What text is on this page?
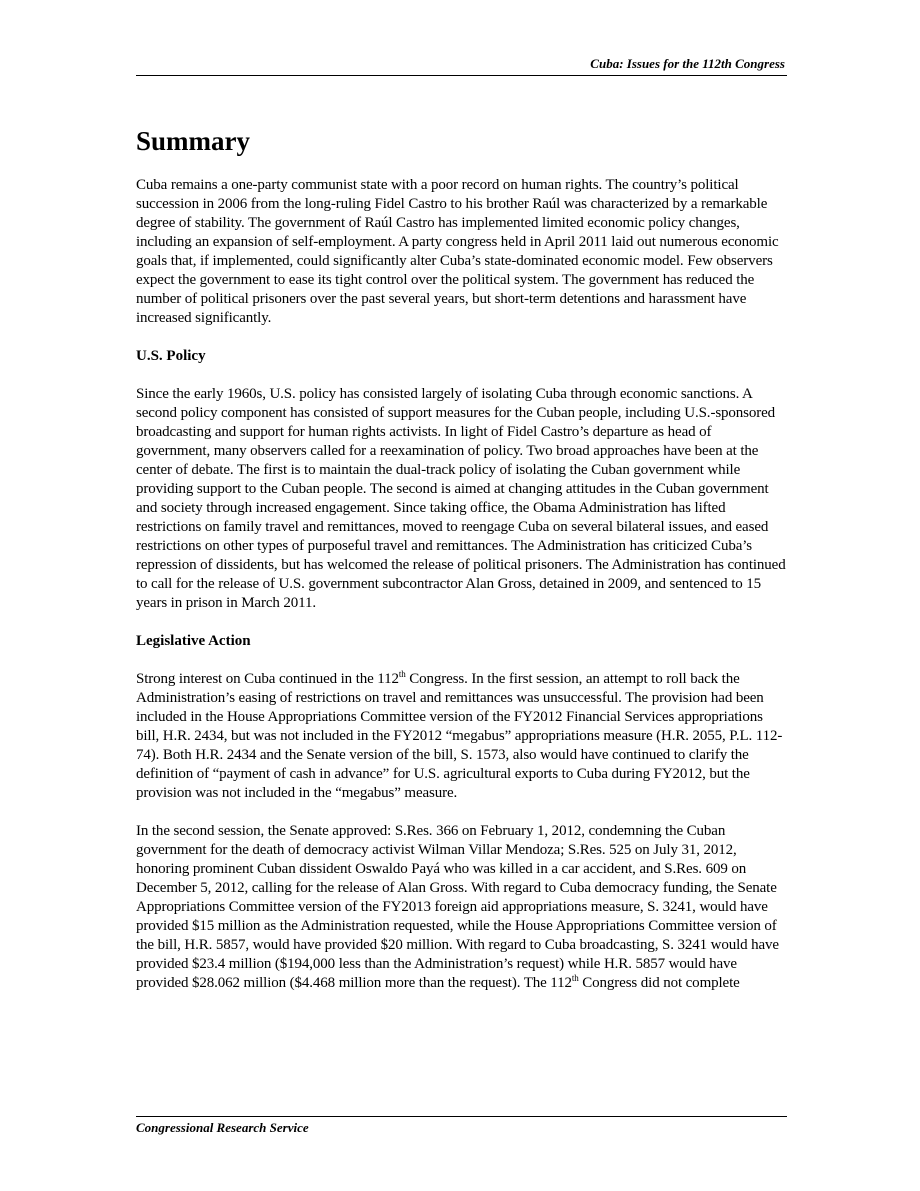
Cuba: Issues for the 112th Congress
Summary

Cuba remains a one-party communist state with a poor record on human rights. The country’s political succession in 2006 from the long-ruling Fidel Castro to his brother Raúl was characterized by a remarkable degree of stability. The government of Raúl Castro has implemented limited economic policy changes, including an expansion of self-employment. A party congress held in April 2011 laid out numerous economic goals that, if implemented, could significantly alter Cuba’s state-dominated economic model. Few observers expect the government to ease its tight control over the political system. The government has reduced the number of political prisoners over the past several years, but short-term detentions and harassment have increased significantly.

U.S. Policy

Since the early 1960s, U.S. policy has consisted largely of isolating Cuba through economic sanctions. A second policy component has consisted of support measures for the Cuban people, including U.S.-sponsored broadcasting and support for human rights activists. In light of Fidel Castro’s departure as head of government, many observers called for a reexamination of policy. Two broad approaches have been at the center of debate. The first is to maintain the dual-track policy of isolating the Cuban government while providing support to the Cuban people. The second is aimed at changing attitudes in the Cuban government and society through increased engagement. Since taking office, the Obama Administration has lifted restrictions on family travel and remittances, moved to reengage Cuba on several bilateral issues, and eased restrictions on other types of purposeful travel and remittances. The Administration has criticized Cuba’s repression of dissidents, but has welcomed the release of political prisoners. The Administration has continued to call for the release of U.S. government subcontractor Alan Gross, detained in 2009, and sentenced to 15 years in prison in March 2011.

Legislative Action

Strong interest on Cuba continued in the 112th Congress. In the first session, an attempt to roll back the Administration’s easing of restrictions on travel and remittances was unsuccessful. The provision had been included in the House Appropriations Committee version of the FY2012 Financial Services appropriations bill, H.R. 2434, but was not included in the FY2012 “megabus” appropriations measure (H.R. 2055, P.L. 112-74). Both H.R. 2434 and the Senate version of the bill, S. 1573, also would have continued to clarify the definition of “payment of cash in advance” for U.S. agricultural exports to Cuba during FY2012, but the provision was not included in the “megabus” measure.

In the second session, the Senate approved: S.Res. 366 on February 1, 2012, condemning the Cuban government for the death of democracy activist Wilman Villar Mendoza; S.Res. 525 on July 31, 2012, honoring prominent Cuban dissident Oswaldo Payá who was killed in a car accident, and S.Res. 609 on December 5, 2012, calling for the release of Alan Gross. With regard to Cuba democracy funding, the Senate Appropriations Committee version of the FY2013 foreign aid appropriations measure, S. 3241, would have provided $15 million as the Administration requested, while the House Appropriations Committee version of the bill, H.R. 5857, would have provided $20 million. With regard to Cuba broadcasting, S. 3241 would have provided $23.4 million ($194,000 less than the Administration’s request) while H.R. 5857 would have provided $28.062 million ($4.468 million more than the request). The 112th Congress did not complete

Congressional Research Service
